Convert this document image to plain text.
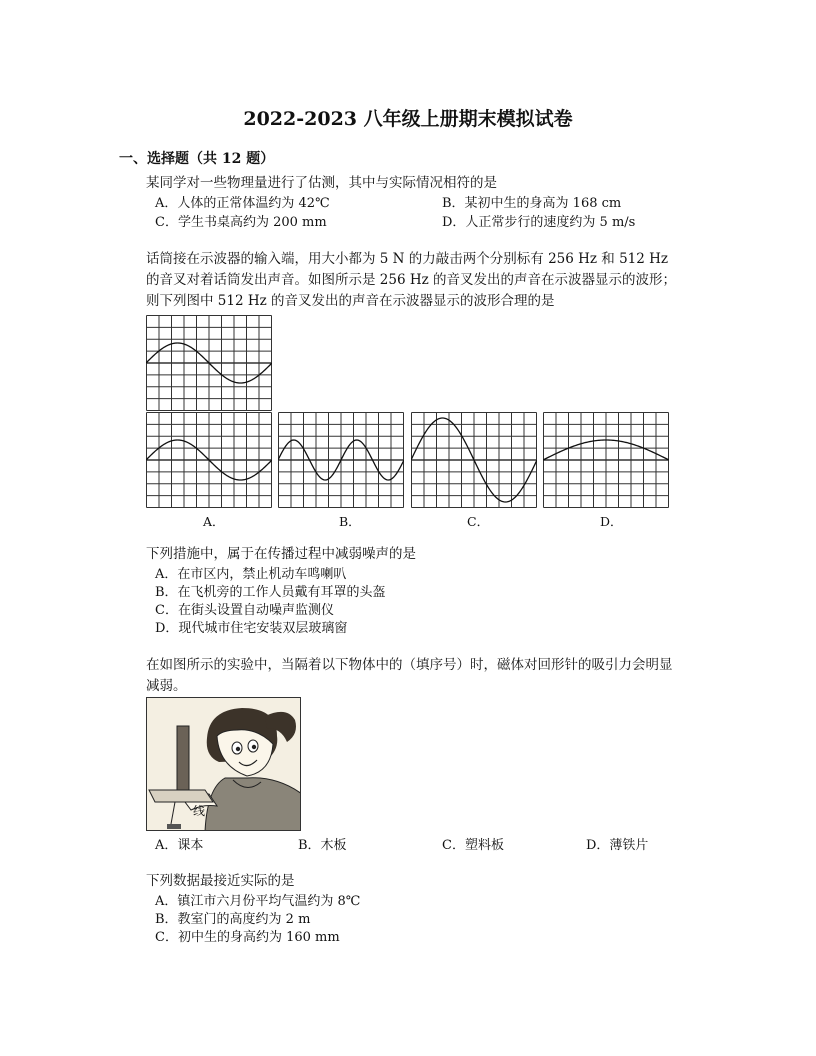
2022-2023 八年级上册期末模拟试卷
一、选择题（共 12 题）
某同学对一些物理量进行了估测，其中与实际情况相符的是
A．人体的正常体温约为 42℃	B．某初中生的身高为 168 cm
C．学生书桌高约为 200 mm	D．人正常步行的速度约为 5 m/s
话筒接在示波器的输入端，用大小都为 5 N 的力敲击两个分别标有 256 Hz 和 512 Hz
的音叉对着话筒发出声音。如图所示是 256 Hz 的音叉发出的声音在示波器显示的波形；
则下列图中 512 Hz 的音叉发出的声音在示波器显示的波形合理的是
A．	B．	C．	D．
下列措施中，属于在传播过程中减弱噪声的是
A．在市区内，禁止机动车鸣喇叭
B．在飞机旁的工作人员戴有耳罩的头盔
C．在街头设置自动噪声监测仪
D．现代城市住宅安装双层玻璃窗
在如图所示的实验中，当隔着以下物体中的（填序号）时，磁体对回形针的吸引力会明显
减弱。
线
A．课本	B．木板	C．塑料板	D．薄铁片
下列数据最接近实际的是
A．镇江市六月份平均气温约为 8℃
B．教室门的高度约为 2 m
C．初中生的身高约为 160 mm
